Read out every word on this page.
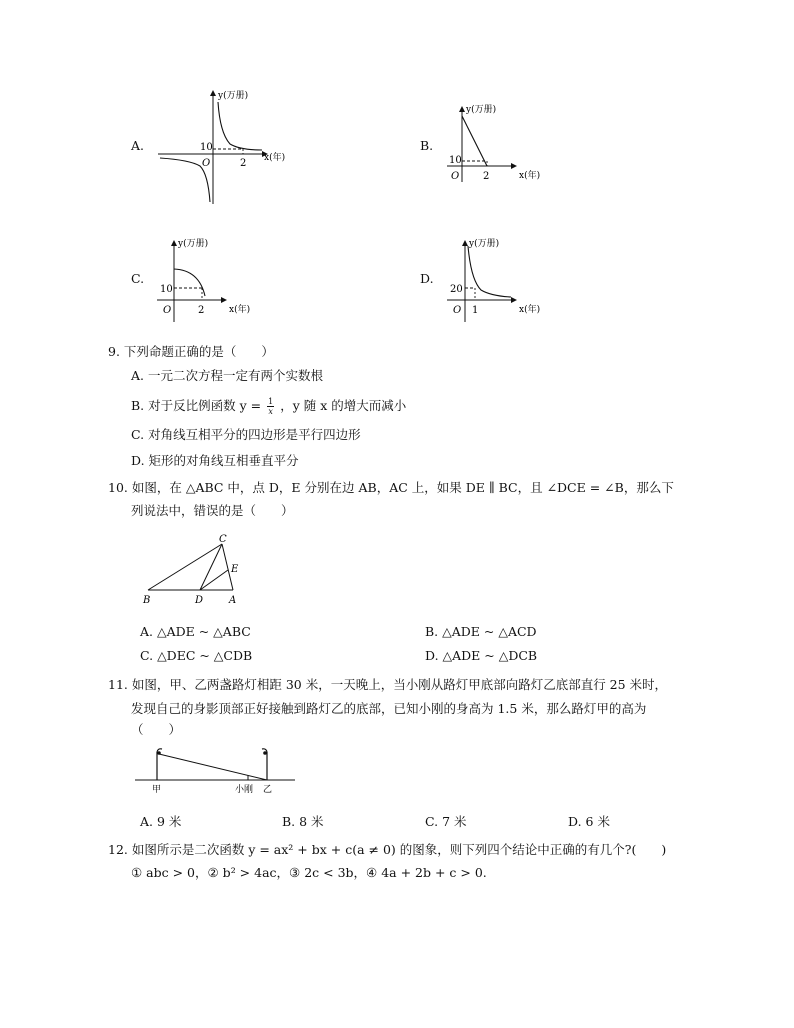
A.	10
2
O
y(万册)
x(年)
B.
10
2
O
y(万册)
x(年)
C.
10
2
O
y(万册)
x(年)
D.
20
1
O
y(万册)
x(年)
9. 下列命题正确的是（　　）
A. 一元二次方程一定有两个实数根
B. 对于反比例函数 $y = \frac{1}{x}$ ，y 随 x 的增大而减小
C. 对角线互相平分的四边形是平行四边形
D. 矩形的对角线互相垂直平分
10. 如图，在 △ABC 中，点 D，E 分别在边 AB，AC 上，如果 DE ∥ BC，且 ∠DCE = ∠B，那么下
列说法中，错误的是（　　）
B	D	A
C
E
A. △ADE ~ △ABC	B. △ADE ~ △ACD
C. △DEC ~ △CDB	D. △ADE ~ △DCB
11. 如图，甲、乙两盏路灯相距 30 米，一天晚上，当小刚从路灯甲底部向路灯乙底部直行 25 米时，
发现自己的身影顶部正好接触到路灯乙的底部，已知小刚的身高为 1.5 米，那么路灯甲的高为
（　　）
甲	小刚 乙
A. 9 米	B. 8 米	C. 7 米	D. 6 米
12. 如图所示是二次函数 y = ax² + bx + c(a ≠ 0) 的图象，则下列四个结论中正确的有几个?(　　)
① abc > 0，② b² > 4ac，③ 2c < 3b，④ 4a + 2b + c > 0.
